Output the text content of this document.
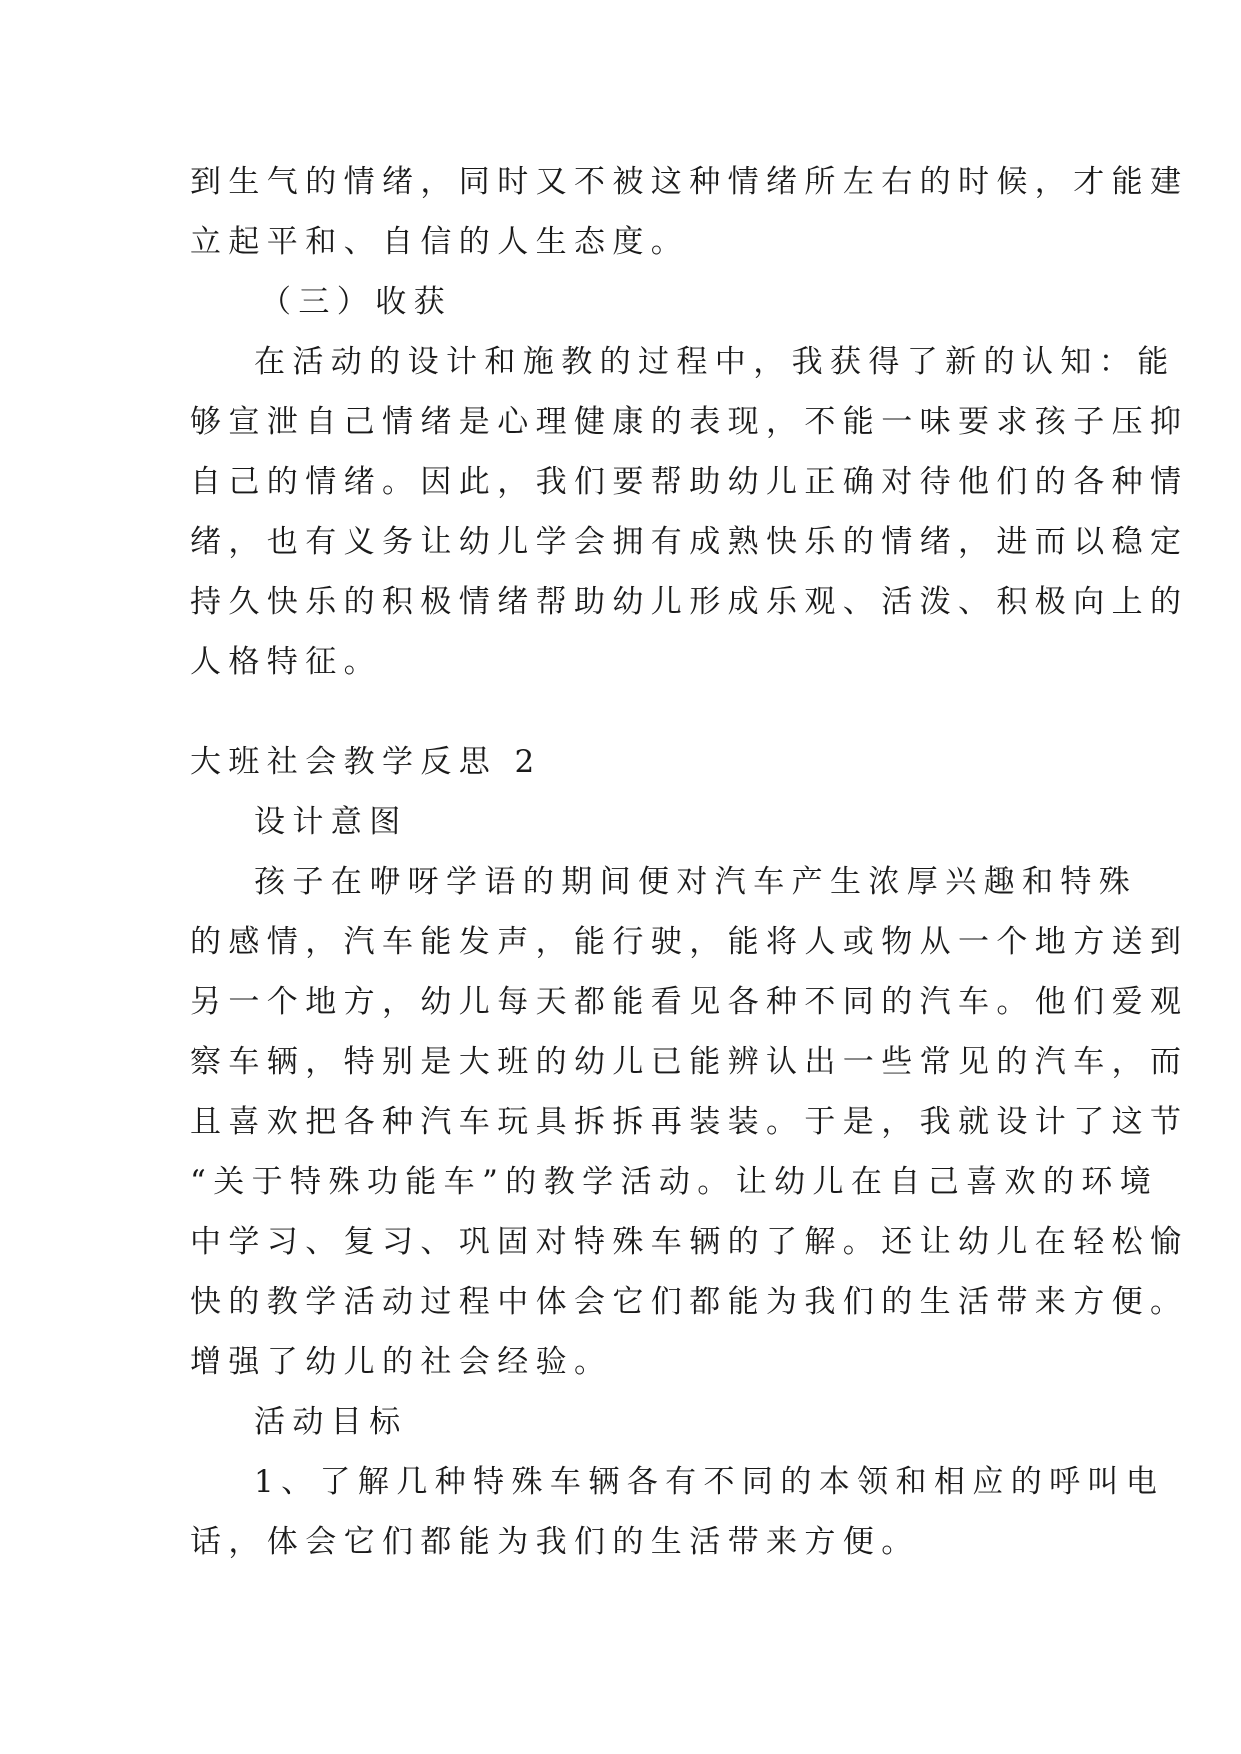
到生气的情绪，同时又不被这种情绪所左右的时候，才能建
立起平和、自信的人生态度。
（三）收获
在活动的设计和施教的过程中，我获得了新的认知：能
够宣泄自己情绪是心理健康的表现，不能一味要求孩子压抑
自己的情绪。因此，我们要帮助幼儿正确对待他们的各种情
绪，也有义务让幼儿学会拥有成熟快乐的情绪，进而以稳定
持久快乐的积极情绪帮助幼儿形成乐观、活泼、积极向上的
人格特征。
大班社会教学反思 2
设计意图
孩子在咿呀学语的期间便对汽车产生浓厚兴趣和特殊
的感情，汽车能发声，能行驶，能将人或物从一个地方送到
另一个地方，幼儿每天都能看见各种不同的汽车。他们爱观
察车辆，特别是大班的幼儿已能辨认出一些常见的汽车，而
且喜欢把各种汽车玩具拆拆再装装。于是，我就设计了这节
“关于特殊功能车”的教学活动。让幼儿在自己喜欢的环境
中学习、复习、巩固对特殊车辆的了解。还让幼儿在轻松愉
快的教学活动过程中体会它们都能为我们的生活带来方便。
增强了幼儿的社会经验。
活动目标
1、了解几种特殊车辆各有不同的本领和相应的呼叫电
话，体会它们都能为我们的生活带来方便。
